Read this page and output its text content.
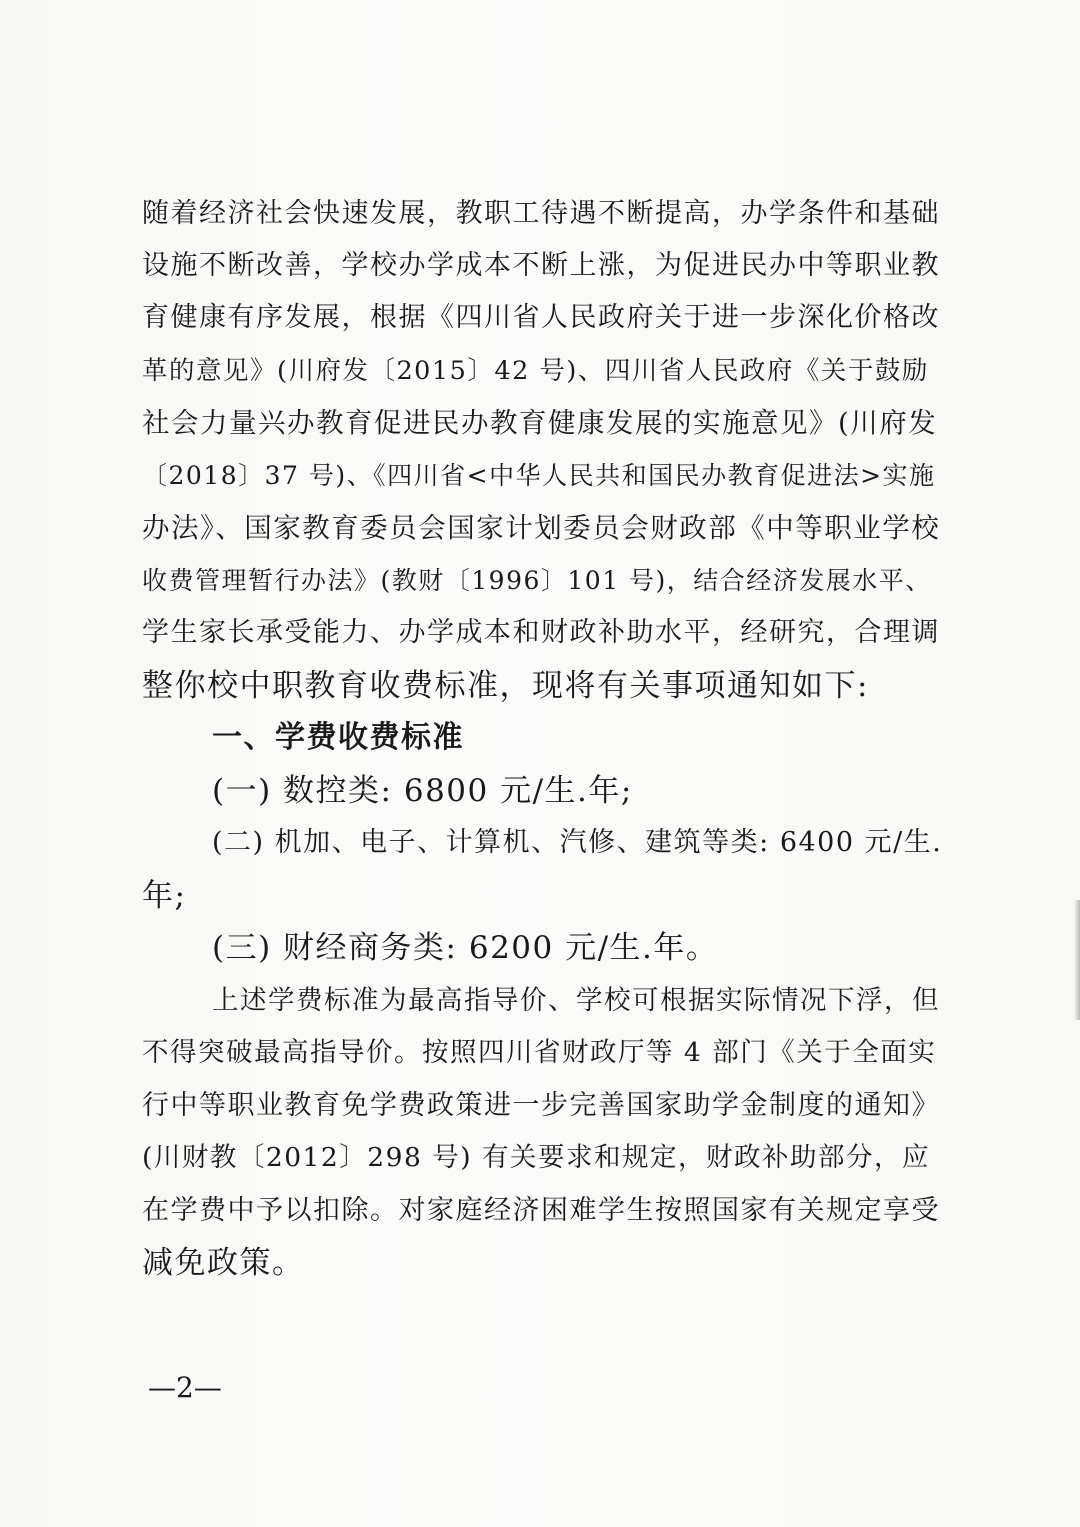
随着经济社会快速发展，教职工待遇不断提高，办学条件和基础
设施不断改善，学校办学成本不断上涨，为促进民办中等职业教
育健康有序发展，根据《四川省人民政府关于进一步深化价格改
革的意见》(川府发〔2015〕42 号)、四川省人民政府《关于鼓励
社会力量兴办教育促进民办教育健康发展的实施意见》(川府发
〔2018〕37 号)、《四川省<中华人民共和国民办教育促进法>实施
办法》、国家教育委员会国家计划委员会财政部《中等职业学校
收费管理暂行办法》(教财〔1996〕101 号)，结合经济发展水平、
学生家长承受能力、办学成本和财政补助水平，经研究，合理调
整你校中职教育收费标准，现将有关事项通知如下:
一、学费收费标准
(一) 数控类: 6800 元/生.年;
(二) 机加、电子、计算机、汽修、建筑等类: 6400 元/生.
年;
(三) 财经商务类: 6200 元/生.年。
上述学费标准为最高指导价、学校可根据实际情况下浮，但
不得突破最高指导价。按照四川省财政厅等 4 部门《关于全面实
行中等职业教育免学费政策进一步完善国家助学金制度的通知》
(川财教〔2012〕298 号) 有关要求和规定，财政补助部分，应
在学费中予以扣除。对家庭经济困难学生按照国家有关规定享受
减免政策。
—2—
